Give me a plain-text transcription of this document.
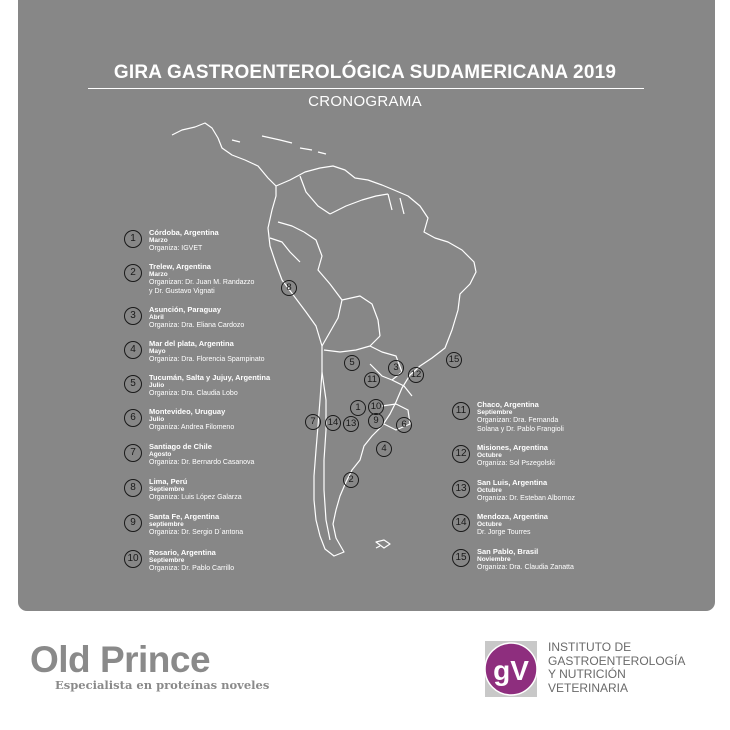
GIRA GASTROENTEROLÓGICA SUDAMERICANA 2019
CRONOGRAMA
8
5	3
12
15
11
1	10
9	6
7	14 13
4
2
1
Córdoba, Argentina
Marzo
Organiza: IGVET
2
Trelew, Argentina
Marzo
Organizan: Dr. Juan M. Randazzo
y Dr. Gustavo Vignati
3
Asunción, Paraguay
Abril
Organiza: Dra. Eliana Cardozo
4
Mar del plata, Argentina
Mayo
Organiza: Dra. Florencia Spampinato
5
Tucumán, Salta y Jujuy, Argentina
Julio
Organiza: Dra. Claudia Lobo
6
Montevideo, Uruguay
Julio
Organiza: Andrea Filomeno
7
Santiago de Chile
Agosto
Organiza: Dr. Bernardo Casanova
8
Lima, Perú
Septiembre
Organiza: Luis López Galarza
9
Santa Fe, Argentina
septiembre
Organiza: Dr. Sergio D´antona
10
Rosario, Argentina
Septiembre
Organiza: Dr. Pablo Carrillo
11
Chaco, Argentina
Septiembre
Organizan: Dra. Fernanda
Solana y Dr. Pablo Frangioli
12
Misiones, Argentina
Octubre
Organiza: Sol Pszegolski
13
San Luis, Argentina
Octubre
Organiza: Dr. Esteban Albornoz
14
Mendoza, Argentina
Octubre
Dr. Jorge Tourres
15
San Pablo, Brasil
Noviembre
Organiza: Dra. Claudia Zanatta
Old Prince
Especialista en proteínas noveles	gV
INSTITUTO DE
GASTROENTEROLOGÍA
Y NUTRICIÓN
VETERINARIA
